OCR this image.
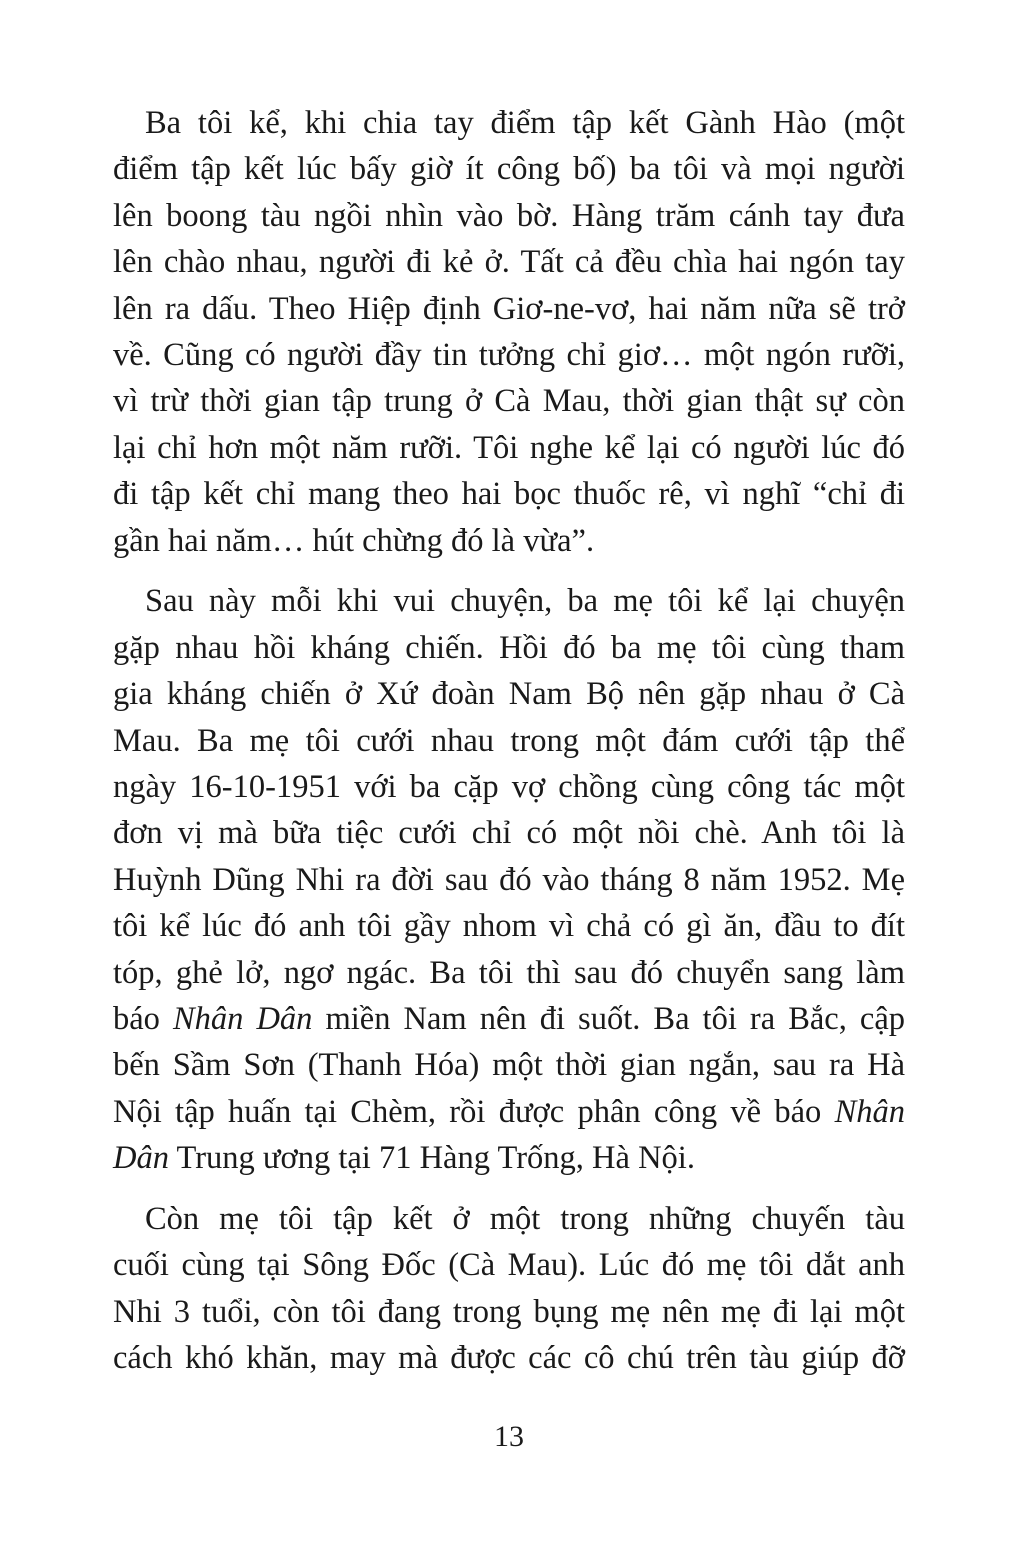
Ba tôi kể, khi chia tay điểm tập kết Gành Hào (một
điểm tập kết lúc bấy giờ ít công bố) ba tôi và mọi người
lên boong tàu ngồi nhìn vào bờ. Hàng trăm cánh tay đưa
lên chào nhau, người đi kẻ ở. Tất cả đều chìa hai ngón tay
lên ra dấu. Theo Hiệp định Giơ-ne-vơ, hai năm nữa sẽ trở
về. Cũng có người đầy tin tưởng chỉ giơ… một ngón rưỡi,
vì trừ thời gian tập trung ở Cà Mau, thời gian thật sự còn
lại chỉ hơn một năm rưỡi. Tôi nghe kể lại có người lúc đó
đi tập kết chỉ mang theo hai bọc thuốc rê, vì nghĩ “chỉ đi
gần hai năm… hút chừng đó là vừa”.
Sau này mỗi khi vui chuyện, ba mẹ tôi kể lại chuyện
gặp nhau hồi kháng chiến. Hồi đó ba mẹ tôi cùng tham
gia kháng chiến ở Xứ đoàn Nam Bộ nên gặp nhau ở Cà
Mau. Ba mẹ tôi cưới nhau trong một đám cưới tập thể
ngày 16-10-1951 với ba cặp vợ chồng cùng công tác một
đơn vị mà bữa tiệc cưới chỉ có một nồi chè. Anh tôi là
Huỳnh Dũng Nhi ra đời sau đó vào tháng 8 năm 1952. Mẹ
tôi kể lúc đó anh tôi gầy nhom vì chả có gì ăn, đầu to đít
tóp, ghẻ lở, ngơ ngác. Ba tôi thì sau đó chuyển sang làm
báo Nhân Dân miền Nam nên đi suốt. Ba tôi ra Bắc, cập
bến Sầm Sơn (Thanh Hóa) một thời gian ngắn, sau ra Hà
Nội tập huấn tại Chèm, rồi được phân công về báo Nhân
Dân Trung ương tại 71 Hàng Trống, Hà Nội.
Còn mẹ tôi tập kết ở một trong những chuyến tàu
cuối cùng tại Sông Đốc (Cà Mau). Lúc đó mẹ tôi dắt anh
Nhi 3 tuổi, còn tôi đang trong bụng mẹ nên mẹ đi lại một
cách khó khăn, may mà được các cô chú trên tàu giúp đỡ
13
